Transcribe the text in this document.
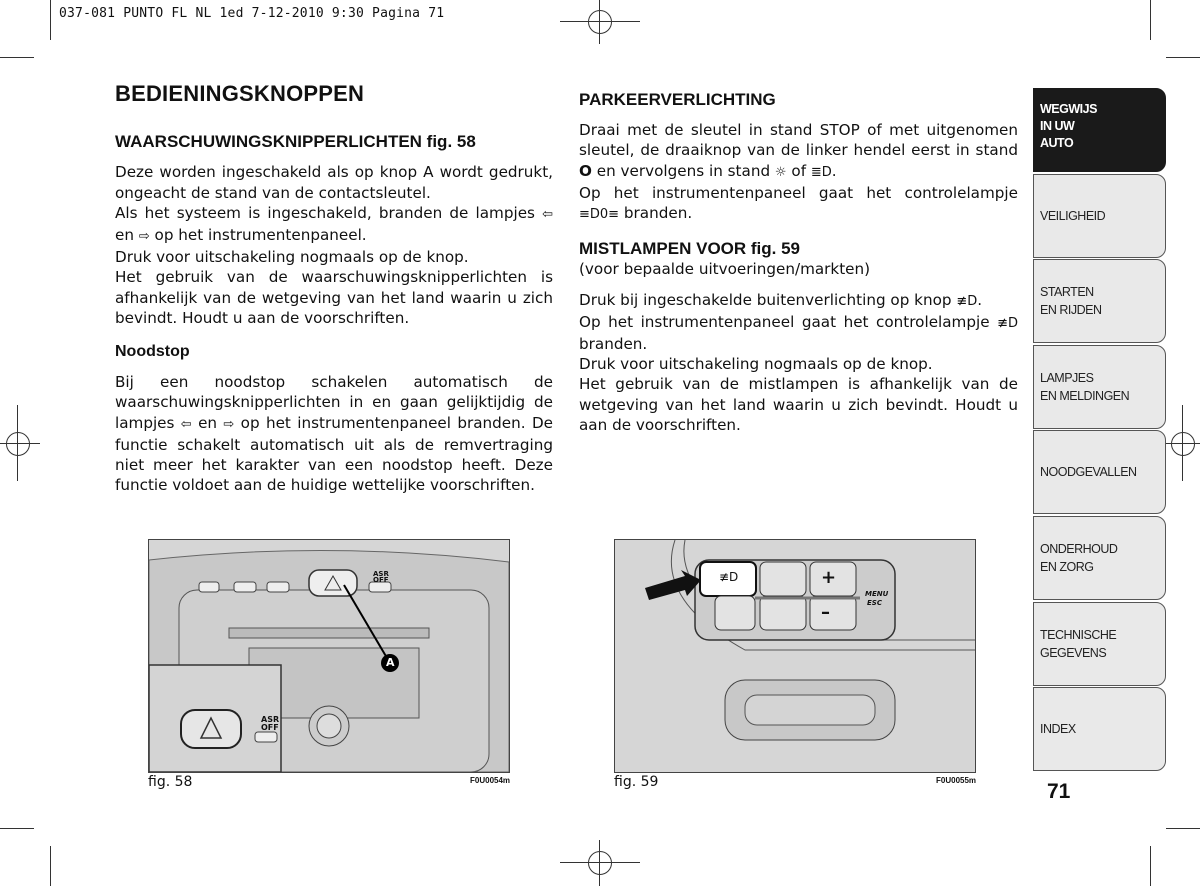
037-081 PUNTO FL NL 1ed 7-12-2010 9:30 Pagina 71

BEDIENINGSKNOPPEN

WAARSCHUWINGSKNIPPERLICHTEN fig. 58

Deze worden ingeschakeld als op knop A wordt gedrukt, ongeacht de stand van de contactsleutel.

Als het systeem is ingeschakeld, branden de lampjes ⇦ en ⇨ op het instrumentenpaneel.

Druk voor uitschakeling nogmaals op de knop.

Het gebruik van de waarschuwingsknipperlichten is afhankelijk van de wetgeving van het land waarin u zich bevindt. Houdt u aan de voorschriften.

Noodstop

Bij een noodstop schakelen automatisch de waarschuwingsknipperlichten in en gaan gelijktijdig de lampjes ⇦ en ⇨ op het instrumentenpaneel branden. De functie schakelt automatisch uit als de remvertraging niet meer het karakter van een noodstop heeft. Deze functie voldoet aan de huidige wettelijke voorschriften.

PARKEERVERLICHTING

Draai met de sleutel in stand STOP of met uitgenomen sleutel, de draaiknop van de linker hendel eerst in stand O en vervolgens in stand ☼ of ≣D.

Op het instrumentenpaneel gaat het controlelampje ≡D0≡ branden.

MISTLAMPEN VOOR fig. 59

(voor bepaalde uitvoeringen/markten)

Druk bij ingeschakelde buitenverlichting op knop ≢D.

Op het instrumentenpaneel gaat het controlelampje ≢D branden.

Druk voor uitschakeling nogmaals op de knop.

Het gebruik van de mistlampen is afhankelijk van de wetgeving van het land waarin u zich bevindt. Houdt u aan de voorschriften.

A
ASR
OFF
ASR
OFF
fig. 58	F0U0054m
≢D	+
–
MENU
ESC
fig. 59	F0U0055m
WEGWIJS
IN UW
AUTO
VEILIGHEID
STARTEN
EN RIJDEN
LAMPJES
EN MELDINGEN
NOODGEVALLEN
ONDERHOUD
EN ZORG
TECHNISCHE
GEGEVENS
INDEX
71
